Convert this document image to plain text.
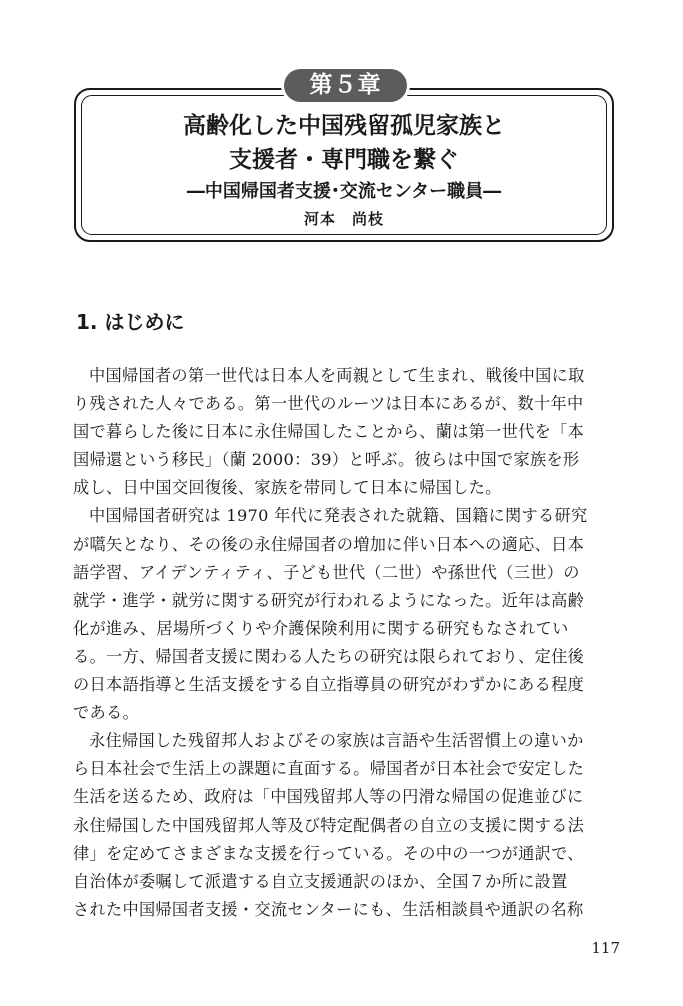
第５章
高齢化した中国残留孤児家族と
支援者・専門職を繋ぐ
―中国帰国者支援･交流センター職員―
河本　尚枝
1. はじめに
中国帰国者の第一世代は日本人を両親として生まれ、戦後中国に取
り残された人々である。第一世代のルーツは日本にあるが、数十年中
国で暮らした後に日本に永住帰国したことから、蘭は第一世代を「本
国帰還という移民」（蘭 2000：39）と呼ぶ。彼らは中国で家族を形
成し、日中国交回復後、家族を帯同して日本に帰国した。
中国帰国者研究は 1970 年代に発表された就籍、国籍に関する研究
が嚆矢となり、その後の永住帰国者の増加に伴い日本への適応、日本
語学習、アイデンティティ、子ども世代（二世）や孫世代（三世）の
就学・進学・就労に関する研究が行われるようになった。近年は高齢
化が進み、居場所づくりや介護保険利用に関する研究もなされてい
る。一方、帰国者支援に関わる人たちの研究は限られており、定住後
の日本語指導と生活支援をする自立指導員の研究がわずかにある程度
である。
永住帰国した残留邦人およびその家族は言語や生活習慣上の違いか
ら日本社会で生活上の課題に直面する。帰国者が日本社会で安定した
生活を送るため、政府は「中国残留邦人等の円滑な帰国の促進並びに
永住帰国した中国残留邦人等及び特定配偶者の自立の支援に関する法
律」を定めてさまざまな支援を行っている。その中の一つが通訳で、
自治体が委嘱して派遣する自立支援通訳のほか、全国７か所に設置
された中国帰国者支援・交流センターにも、生活相談員や通訳の名称
117
